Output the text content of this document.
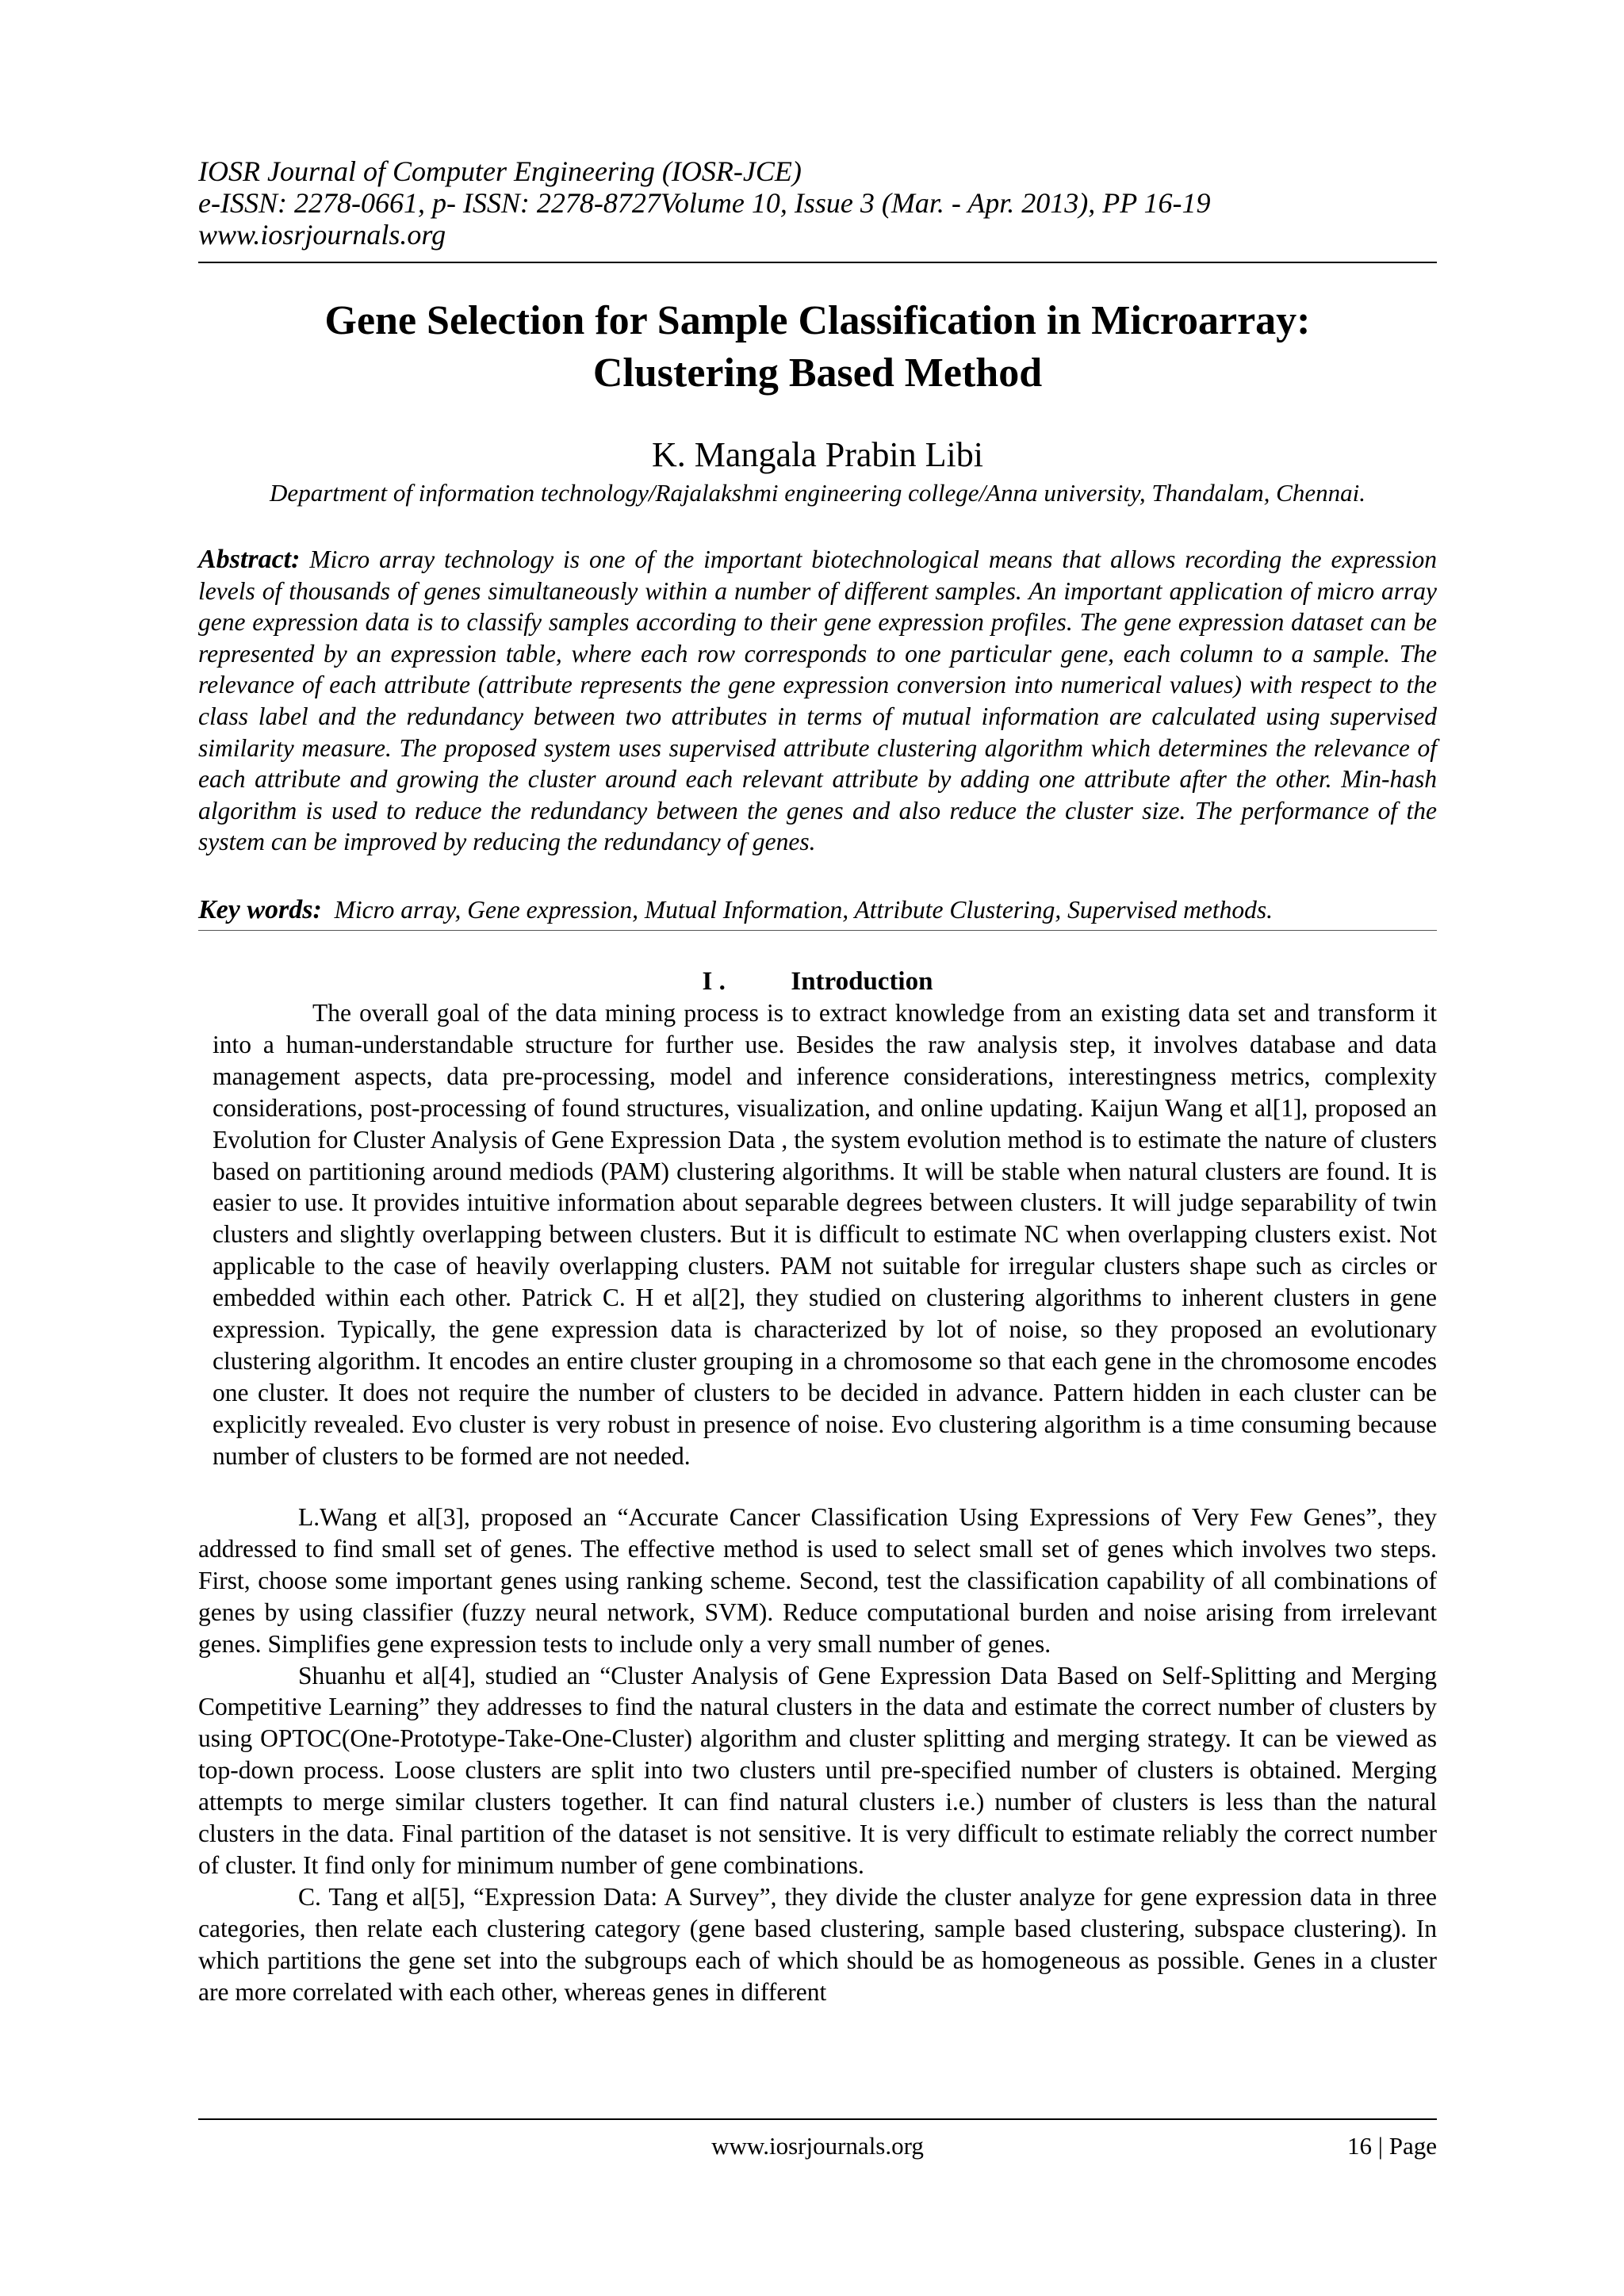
IOSR Journal of Computer Engineering (IOSR-JCE)
e-ISSN: 2278-0661, p- ISSN: 2278-8727Volume 10, Issue 3 (Mar. - Apr. 2013), PP 16-19
www.iosrjournals.org
Gene Selection for Sample Classification in Microarray:
Clustering Based Method
K. Mangala Prabin Libi
Department of information technology/Rajalakshmi engineering college/Anna university, Thandalam, Chennai.
Abstract: Micro array technology is one of the important biotechnological means that allows recording the expression levels of thousands of genes simultaneously within a number of different samples. An important application of micro array gene expression data is to classify samples according to their gene expression profiles. The gene expression dataset can be represented by an expression table, where each row corresponds to one particular gene, each column to a sample. The relevance of each attribute (attribute represents the gene expression conversion into numerical values) with respect to the class label and the redundancy between two attributes in terms of mutual information are calculated using supervised similarity measure. The proposed system uses supervised attribute clustering algorithm which determines the relevance of each attribute and growing the cluster around each relevant attribute by adding one attribute after the other. Min-hash algorithm is used to reduce the redundancy between the genes and also reduce the cluster size. The performance of the system can be improved by reducing the redundancy of genes.
Key words: Micro array, Gene expression, Mutual Information, Attribute Clustering, Supervised methods.
I .	Introduction

The overall goal of the data mining process is to extract knowledge from an existing data set and transform it into a human-understandable structure for further use. Besides the raw analysis step, it involves database and data management aspects, data pre-processing, model and inference considerations, interestingness metrics, complexity considerations, post-processing of found structures, visualization, and online updating. Kaijun Wang et al[1], proposed an Evolution for Cluster Analysis of Gene Expression Data , the system evolution method is to estimate the nature of clusters based on partitioning around mediods (PAM) clustering algorithms. It will be stable when natural clusters are found. It is easier to use. It provides intuitive information about separable degrees between clusters. It will judge separability of twin clusters and slightly overlapping between clusters. But it is difficult to estimate NC when overlapping clusters exist. Not applicable to the case of heavily overlapping clusters. PAM not suitable for irregular clusters shape such as circles or embedded within each other. Patrick C. H et al[2], they studied on clustering algorithms to inherent clusters in gene expression. Typically, the gene expression data is characterized by lot of noise, so they proposed an evolutionary clustering algorithm. It encodes an entire cluster grouping in a chromosome so that each gene in the chromosome encodes one cluster. It does not require the number of clusters to be decided in advance. Pattern hidden in each cluster can be explicitly revealed. Evo cluster is very robust in presence of noise. Evo clustering algorithm is a time consuming because number of clusters to be formed are not needed.

L.Wang et al[3], proposed an “Accurate Cancer Classification Using Expressions of Very Few Genes”, they addressed to find small set of genes. The effective method is used to select small set of genes which involves two steps. First, choose some important genes using ranking scheme. Second, test the classification capability of all combinations of genes by using classifier (fuzzy neural network, SVM). Reduce computational burden and noise arising from irrelevant genes. Simplifies gene expression tests to include only a very small number of genes.

Shuanhu et al[4], studied an “Cluster Analysis of Gene Expression Data Based on Self-Splitting and Merging Competitive Learning” they addresses to find the natural clusters in the data and estimate the correct number of clusters by using OPTOC(One-Prototype-Take-One-Cluster) algorithm and cluster splitting and merging strategy. It can be viewed as top-down process. Loose clusters are split into two clusters until pre-specified number of clusters is obtained. Merging attempts to merge similar clusters together. It can find natural clusters i.e.) number of clusters is less than the natural clusters in the data. Final partition of the dataset is not sensitive. It is very difficult to estimate reliably the correct number of cluster. It find only for minimum number of gene combinations.

C. Tang et al[5], “Expression Data: A Survey”, they divide the cluster analyze for gene expression data in three categories, then relate each clustering category (gene based clustering, sample based clustering, subspace clustering). In which partitions the gene set into the subgroups each of which should be as homogeneous as possible. Genes in a cluster are more correlated with each other, whereas genes in different

www.iosrjournals.org	16 | Page
